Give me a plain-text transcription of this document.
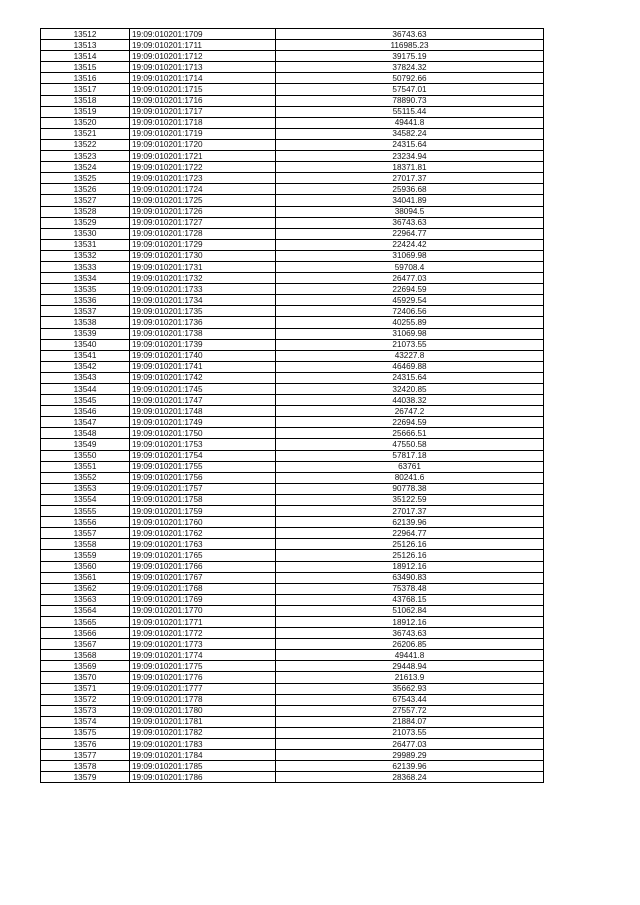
13512	19:09:010201:1709	36743.63
13513	19:09:010201:1711	116985.23
13514	19:09:010201:1712	39175.19
13515	19:09:010201:1713	37824.32
13516	19:09:010201:1714	50792.66
13517	19:09:010201:1715	57547.01
13518	19:09:010201:1716	78890.73
13519	19:09:010201:1717	55115.44
13520	19:09:010201:1718	49441.8
13521	19:09:010201:1719	34582.24
13522	19:09:010201:1720	24315.64
13523	19:09:010201:1721	23234.94
13524	19:09:010201:1722	18371.81
13525	19:09:010201:1723	27017.37
13526	19:09:010201:1724	25936.68
13527	19:09:010201:1725	34041.89
13528	19:09:010201:1726	38094.5
13529	19:09:010201:1727	36743.63
13530	19:09:010201:1728	22964.77
13531	19:09:010201:1729	22424.42
13532	19:09:010201:1730	31069.98
13533	19:09:010201:1731	59708.4
13534	19:09:010201:1732	26477.03
13535	19:09:010201:1733	22694.59
13536	19:09:010201:1734	45929.54
13537	19:09:010201:1735	72406.56
13538	19:09:010201:1736	40255.89
13539	19:09:010201:1738	31069.98
13540	19:09:010201:1739	21073.55
13541	19:09:010201:1740	43227.8
13542	19:09:010201:1741	46469.88
13543	19:09:010201:1742	24315.64
13544	19:09:010201:1745	32420.85
13545	19:09:010201:1747	44038.32
13546	19:09:010201:1748	26747.2
13547	19:09:010201:1749	22694.59
13548	19:09:010201:1750	25666.51
13549	19:09:010201:1753	47550.58
13550	19:09:010201:1754	57817.18
13551	19:09:010201:1755	63761
13552	19:09:010201:1756	80241.6
13553	19:09:010201:1757	90778.38
13554	19:09:010201:1758	35122.59
13555	19:09:010201:1759	27017.37
13556	19:09:010201:1760	62139.96
13557	19:09:010201:1762	22964.77
13558	19:09:010201:1763	25126.16
13559	19:09:010201:1765	25126.16
13560	19:09:010201:1766	18912.16
13561	19:09:010201:1767	63490.83
13562	19:09:010201:1768	75378.48
13563	19:09:010201:1769	43768.15
13564	19:09:010201:1770	51062.84
13565	19:09:010201:1771	18912.16
13566	19:09:010201:1772	36743.63
13567	19:09:010201:1773	26206.85
13568	19:09:010201:1774	49441.8
13569	19:09:010201:1775	29448.94
13570	19:09:010201:1776	21613.9
13571	19:09:010201:1777	35662.93
13572	19:09:010201:1778	67543.44
13573	19:09:010201:1780	27557.72
13574	19:09:010201:1781	21884.07
13575	19:09:010201:1782	21073.55
13576	19:09:010201:1783	26477.03
13577	19:09:010201:1784	29989.29
13578	19:09:010201:1785	62139.96
13579	19:09:010201:1786	28368.24
